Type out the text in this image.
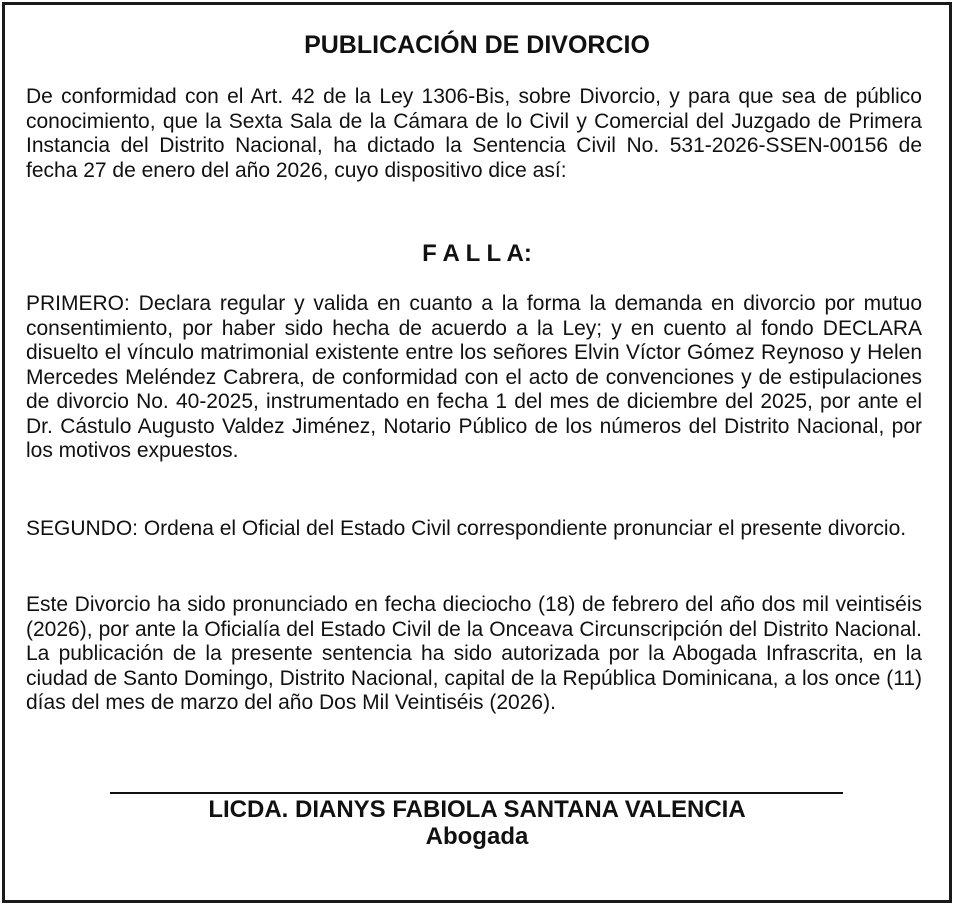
PUBLICACIÓN DE DIVORCIO
De conformidad con el Art. 42 de la Ley 1306-Bis, sobre Divorcio, y para que sea de público conocimiento, que la Sexta Sala de la Cámara de lo Civil y Comercial del Juzgado de Primera Instancia del Distrito Nacional, ha dictado la Sentencia Civil No. 531-2026-SSEN-00156 de fecha 27 de enero del año 2026, cuyo dispositivo dice así:
F A L L A:
PRIMERO: Declara regular y valida en cuanto a la forma la demanda en divorcio por mutuo consentimiento, por haber sido hecha de acuerdo a la Ley; y en cuento al fondo DECLARA disuelto el vínculo matrimonial existente entre los señores Elvin Víctor Gómez Reynoso y Helen Mercedes Meléndez Cabrera, de conformidad con el acto de convenciones y de estipulaciones de divorcio No. 40-2025, instrumentado en fecha 1 del mes de diciembre del 2025, por ante el Dr. Cástulo Augusto Valdez Jiménez, Notario Público de los números del Distrito Nacional, por los motivos expuestos.
SEGUNDO: Ordena el Oficial del Estado Civil correspondiente pronunciar el presente divorcio.
Este Divorcio ha sido pronunciado en fecha dieciocho (18) de febrero del año dos mil veintiséis (2026), por ante la Oficialía del Estado Civil de la Onceava Circunscripción del Distrito Nacional. La publicación de la presente sentencia ha sido autorizada por la Abogada Infrascrita, en la ciudad de Santo Domingo, Distrito Nacional, capital de la República Dominicana, a los once (11) días del mes de marzo del año Dos Mil Veintiséis (2026).
LICDA. DIANYS FABIOLA SANTANA VALENCIA
Abogada
